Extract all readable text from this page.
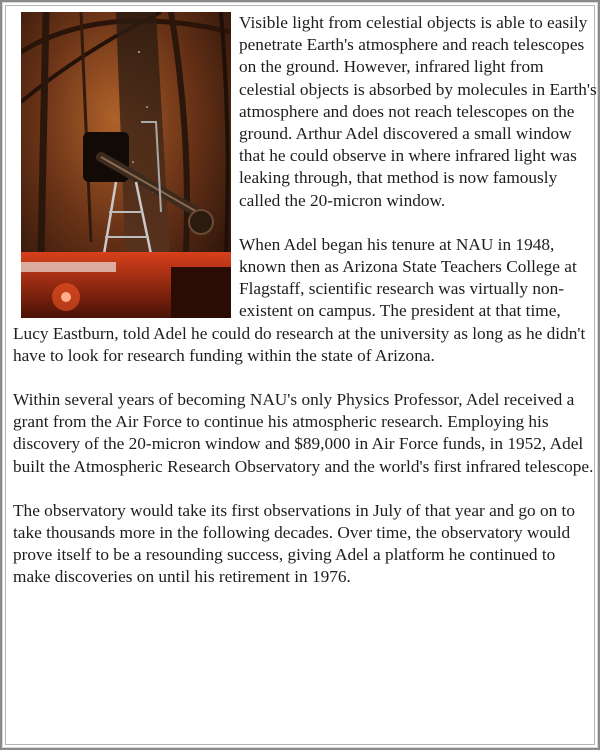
Visible light from celestial objects is able to easily penetrate Earth's atmosphere and reach telescopes on the ground. However, infrared light from celestial objects is absorbed by molecules in Earth's atmosphere and does not reach telescopes on the ground. Arthur Adel discovered a small window that he could observe in where infrared light was leaking through, that method is now famously called the 20-micron window.

When Adel began his tenure at NAU in 1948, known then as Arizona State Teachers College at Flagstaff, scientific research was virtually non-existent on campus. The president at that time, Lucy Eastburn, told Adel he could do research at the university as long as he didn't have to look for research funding within the state of Arizona.

Within several years of becoming NAU's only Physics Professor, Adel received a grant from the Air Force to continue his atmospheric research. Employing his discovery of the 20-micron window and $89,000 in Air Force funds, in 1952, Adel built the Atmospheric Research Observatory and the world's first infrared telescope.

The observatory would take its first observations in July of that year and go on to take thousands more in the following decades. Over time, the observatory would prove itself to be a resounding success, giving Adel a platform he continued to make discoveries on until his retirement in 1976.
